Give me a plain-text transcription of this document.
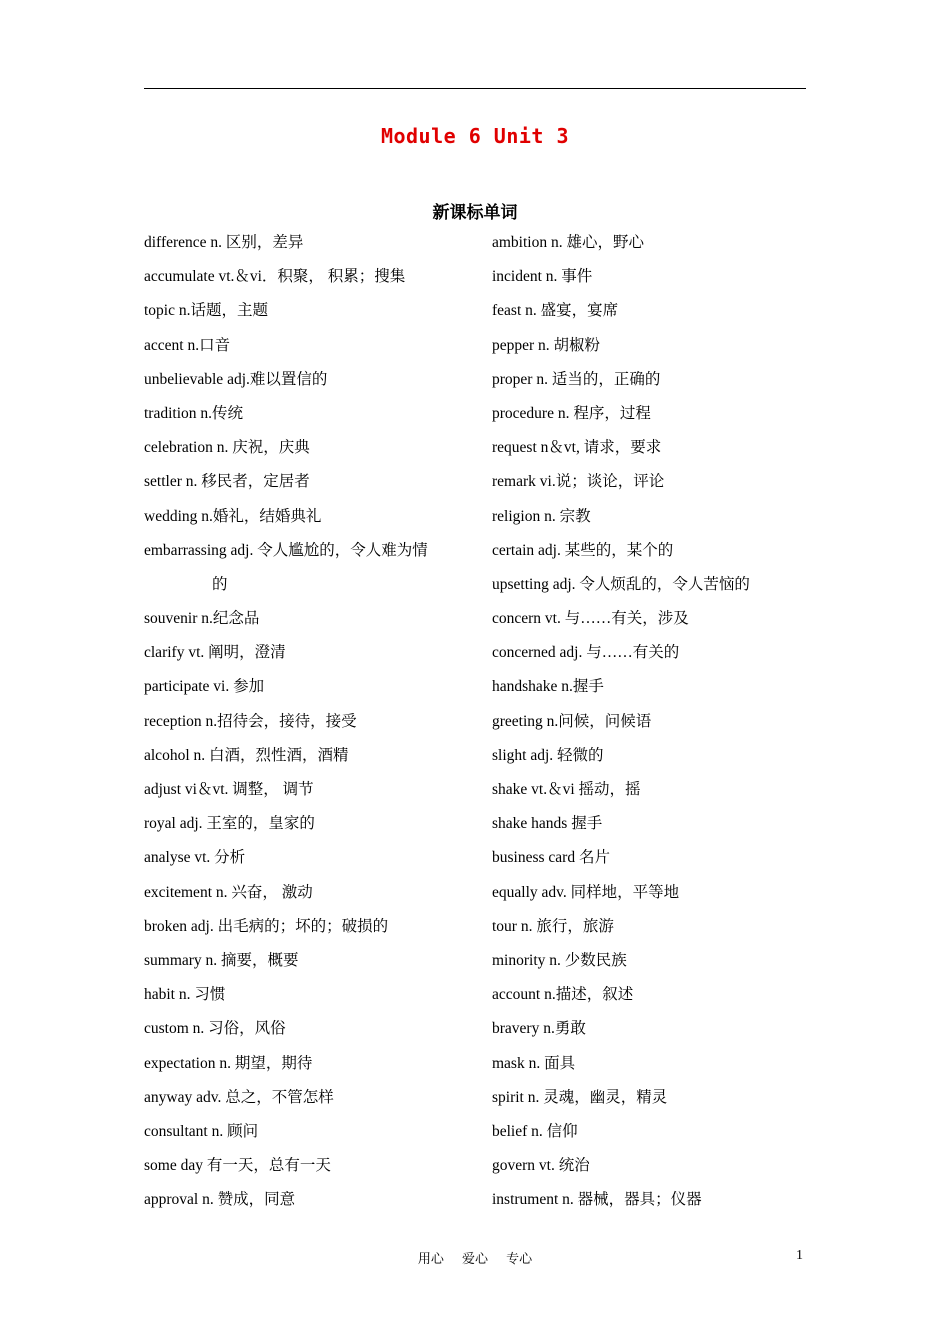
Module 6 Unit 3
新课标单词
difference n. 区别，差异
accumulate vt.＆vi．积聚， 积累；搜集
topic n.话题，主题
accent n.口音
unbelievable adj.难以置信的
tradition n.传统
celebration n. 庆祝，庆典
settler n. 移民者，定居者
wedding n.婚礼，结婚典礼
embarrassing adj. 令人尴尬的，令人难为情
的
souvenir n.纪念品
clarify vt. 阐明，澄清
participate vi. 参加
reception n.招待会，接待，接受
alcohol n. 白酒，烈性酒，酒精
adjust vi＆vt. 调整， 调节
royal adj. 王室的，皇家的
analyse vt. 分析
excitement n. 兴奋， 激动
broken adj. 出毛病的；坏的；破损的
summary n. 摘要，概要
habit n. 习惯
custom n. 习俗，风俗
expectation n. 期望，期待
anyway adv. 总之，不管怎样
consultant n. 顾问
some day 有一天，总有一天
approval n. 赞成，同意
ambition n. 雄心，野心
incident n. 事件
feast n. 盛宴，宴席
pepper n. 胡椒粉
proper n. 适当的，正确的
procedure n. 程序，过程
request n＆vt, 请求，要求
remark vi.说；谈论，评论
religion n. 宗教
certain adj. 某些的，某个的
upsetting adj. 令人烦乱的，令人苦恼的
concern vt. 与……有关，涉及
concerned adj. 与……有关的
handshake n.握手
greeting n.问候，问候语
slight adj. 轻微的
shake vt.＆vi 摇动，摇
shake hands 握手
business card 名片
equally adv. 同样地，平等地
tour n. 旅行，旅游
minority n. 少数民族
account n.描述，叙述
bravery n.勇敢
mask n. 面具
spirit n. 灵魂，幽灵，精灵
belief n. 信仰
govern vt. 统治
instrument n. 器械，器具；仪器
用心 爱心 专心	1
